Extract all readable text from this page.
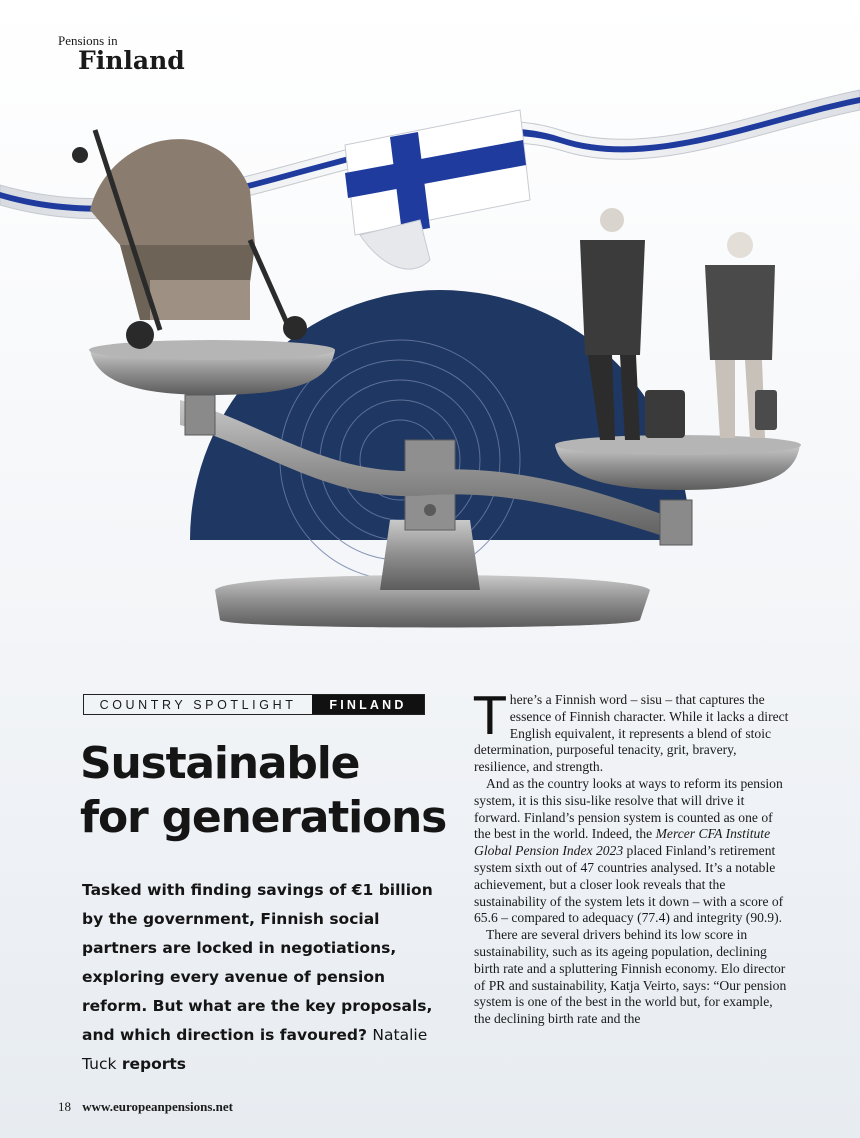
Pensions in
Finland
COUNTRY SPOTLIGHT	FINLAND
Sustainable
for generations
Tasked with finding savings of €1 billion by the government, Finnish social partners are locked in negotiations, exploring every avenue of pension reform. But what are the key proposals, and which direction is favoured? Natalie Tuck reports

There’s a Finnish word – sisu – that captures the essence of Finnish character. While it lacks a direct English equivalent, it represents a blend of stoic determination, purposeful tenacity, grit, bravery, resilience, and strength.

And as the country looks at ways to reform its pension system, it is this sisu-like resolve that will drive it forward. Finland’s pension system is counted as one of the best in the world. Indeed, the Mercer CFA Institute Global Pension Index 2023 placed Finland’s retirement system sixth out of 47 countries analysed. It’s a notable achievement, but a closer look reveals that the sustainability of the system lets it down – with a score of 65.6 – compared to adequacy (77.4) and integrity (90.9).

There are several drivers behind its low score in sustainability, such as its ageing population, declining birth rate and a spluttering Finnish economy. Elo director of PR and sustainability, Katja Veirto, says: “Our pension system is one of the best in the world but, for example, the declining birth rate and the

18 www.europeanpensions.net
